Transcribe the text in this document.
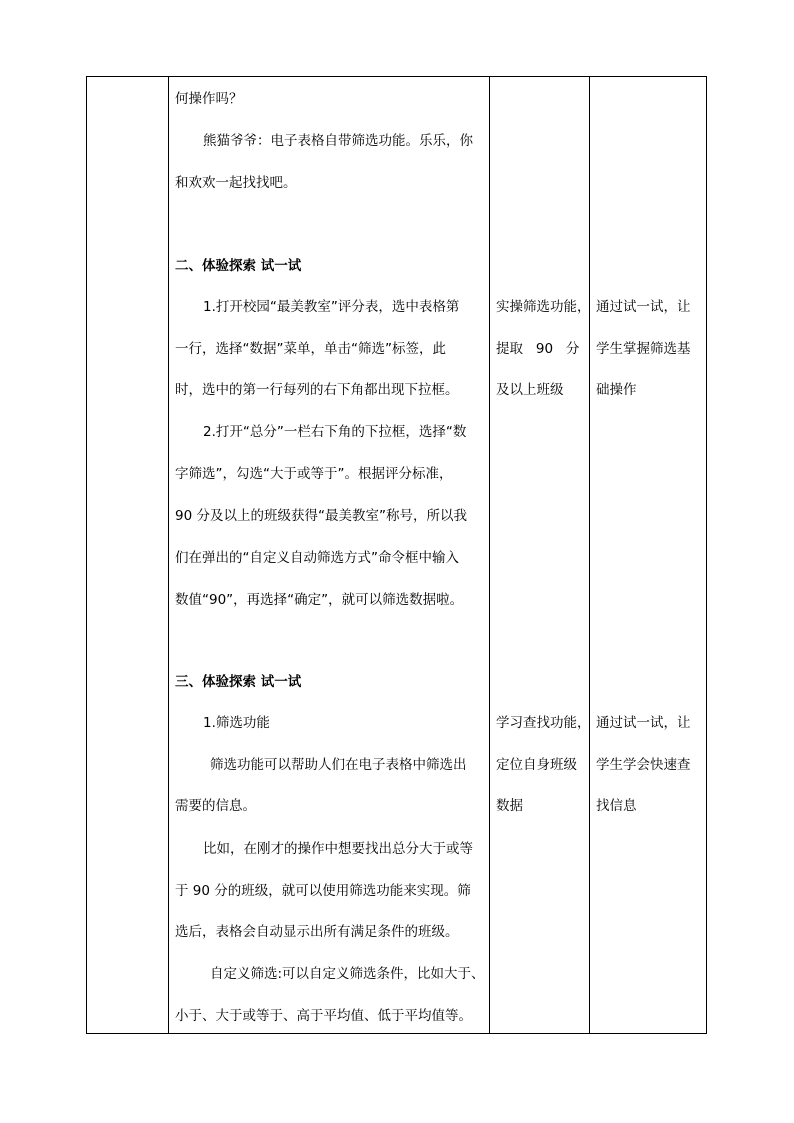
何操作吗？
熊猫爷爷：电子表格自带筛选功能。乐乐，你
和欢欢一起找找吧。
二、体验探索 试一试
1.打开校园“最美教室”评分表，选中表格第
一行，选择“数据”菜单，单击“筛选”标签，此
时，选中的第一行每列的右下角都出现下拉框。
2.打开“总分”一栏右下角的下拉框，选择“数
字筛选”，勾选“大于或等于”。根据评分标准，
90 分及以上的班级获得“最美教室”称号，所以我
们在弹出的“自定义自动筛选方式”命令框中输入
数值“90”，再选择“确定”，就可以筛选数据啦。
三、体验探索 试一试
1.筛选功能
筛选功能可以帮助人们在电子表格中筛选出
需要的信息。
比如，在刚才的操作中想要找出总分大于或等
于 90 分的班级，就可以使用筛选功能来实现。筛
选后，表格会自动显示出所有满足条件的班级。
自定义筛选:可以自定义筛选条件，比如大于、
小于、大于或等于、高于平均值、低于平均值等。
实操筛选功能，
提取   90   分
及以上班级
学习查找功能，
定位自身班级
数据
通过试一试，让
学生掌握筛选基
础操作
通过试一试，让
学生学会快速查
找信息
